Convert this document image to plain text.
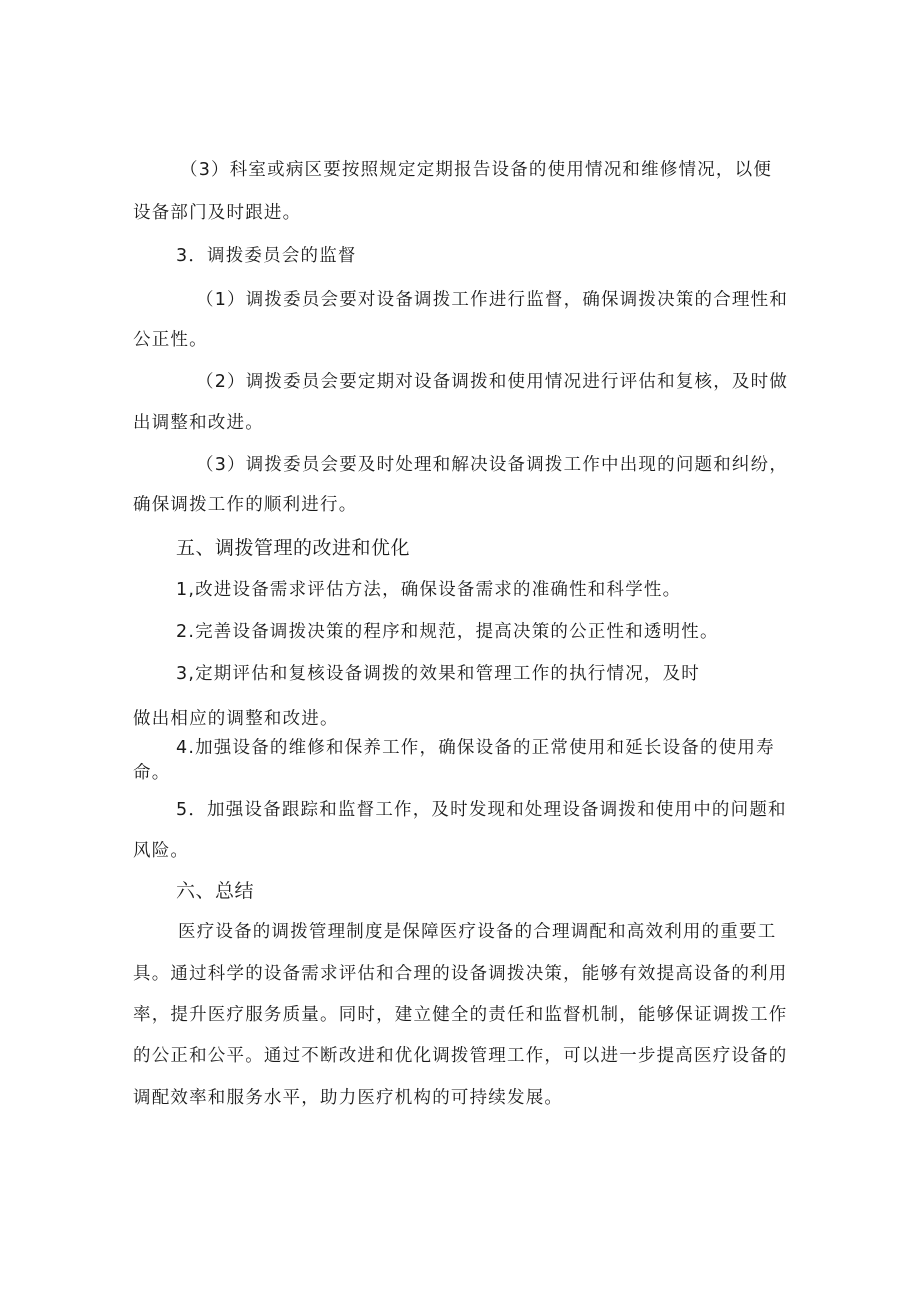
（3）科室或病区要按照规定定期报告设备的使用情况和维修情况，以便
设备部门及时跟进。
3．调拨委员会的监督
（1）调拨委员会要对设备调拨工作进行监督，确保调拨决策的合理性和
公正性。
（2）调拨委员会要定期对设备调拨和使用情况进行评估和复核，及时做
出调整和改进。
（3）调拨委员会要及时处理和解决设备调拨工作中出现的问题和纠纷，
确保调拨工作的顺利进行。
五、调拨管理的改进和优化
1,改进设备需求评估方法，确保设备需求的准确性和科学性。
2.完善设备调拨决策的程序和规范，提高决策的公正性和透明性。
3,定期评估和复核设备调拨的效果和管理工作的执行情况，及时
做出相应的调整和改进。
4.加强设备的维修和保养工作，确保设备的正常使用和延长设备的使用寿
命。
5．加强设备跟踪和监督工作，及时发现和处理设备调拨和使用中的问题和
风险。
六、总结
医疗设备的调拨管理制度是保障医疗设备的合理调配和高效利用的重要工
具。通过科学的设备需求评估和合理的设备调拨决策，能够有效提高设备的利用
率，提升医疗服务质量。同时，建立健全的责任和监督机制，能够保证调拨工作
的公正和公平。通过不断改进和优化调拨管理工作，可以进一步提高医疗设备的
调配效率和服务水平，助力医疗机构的可持续发展。
